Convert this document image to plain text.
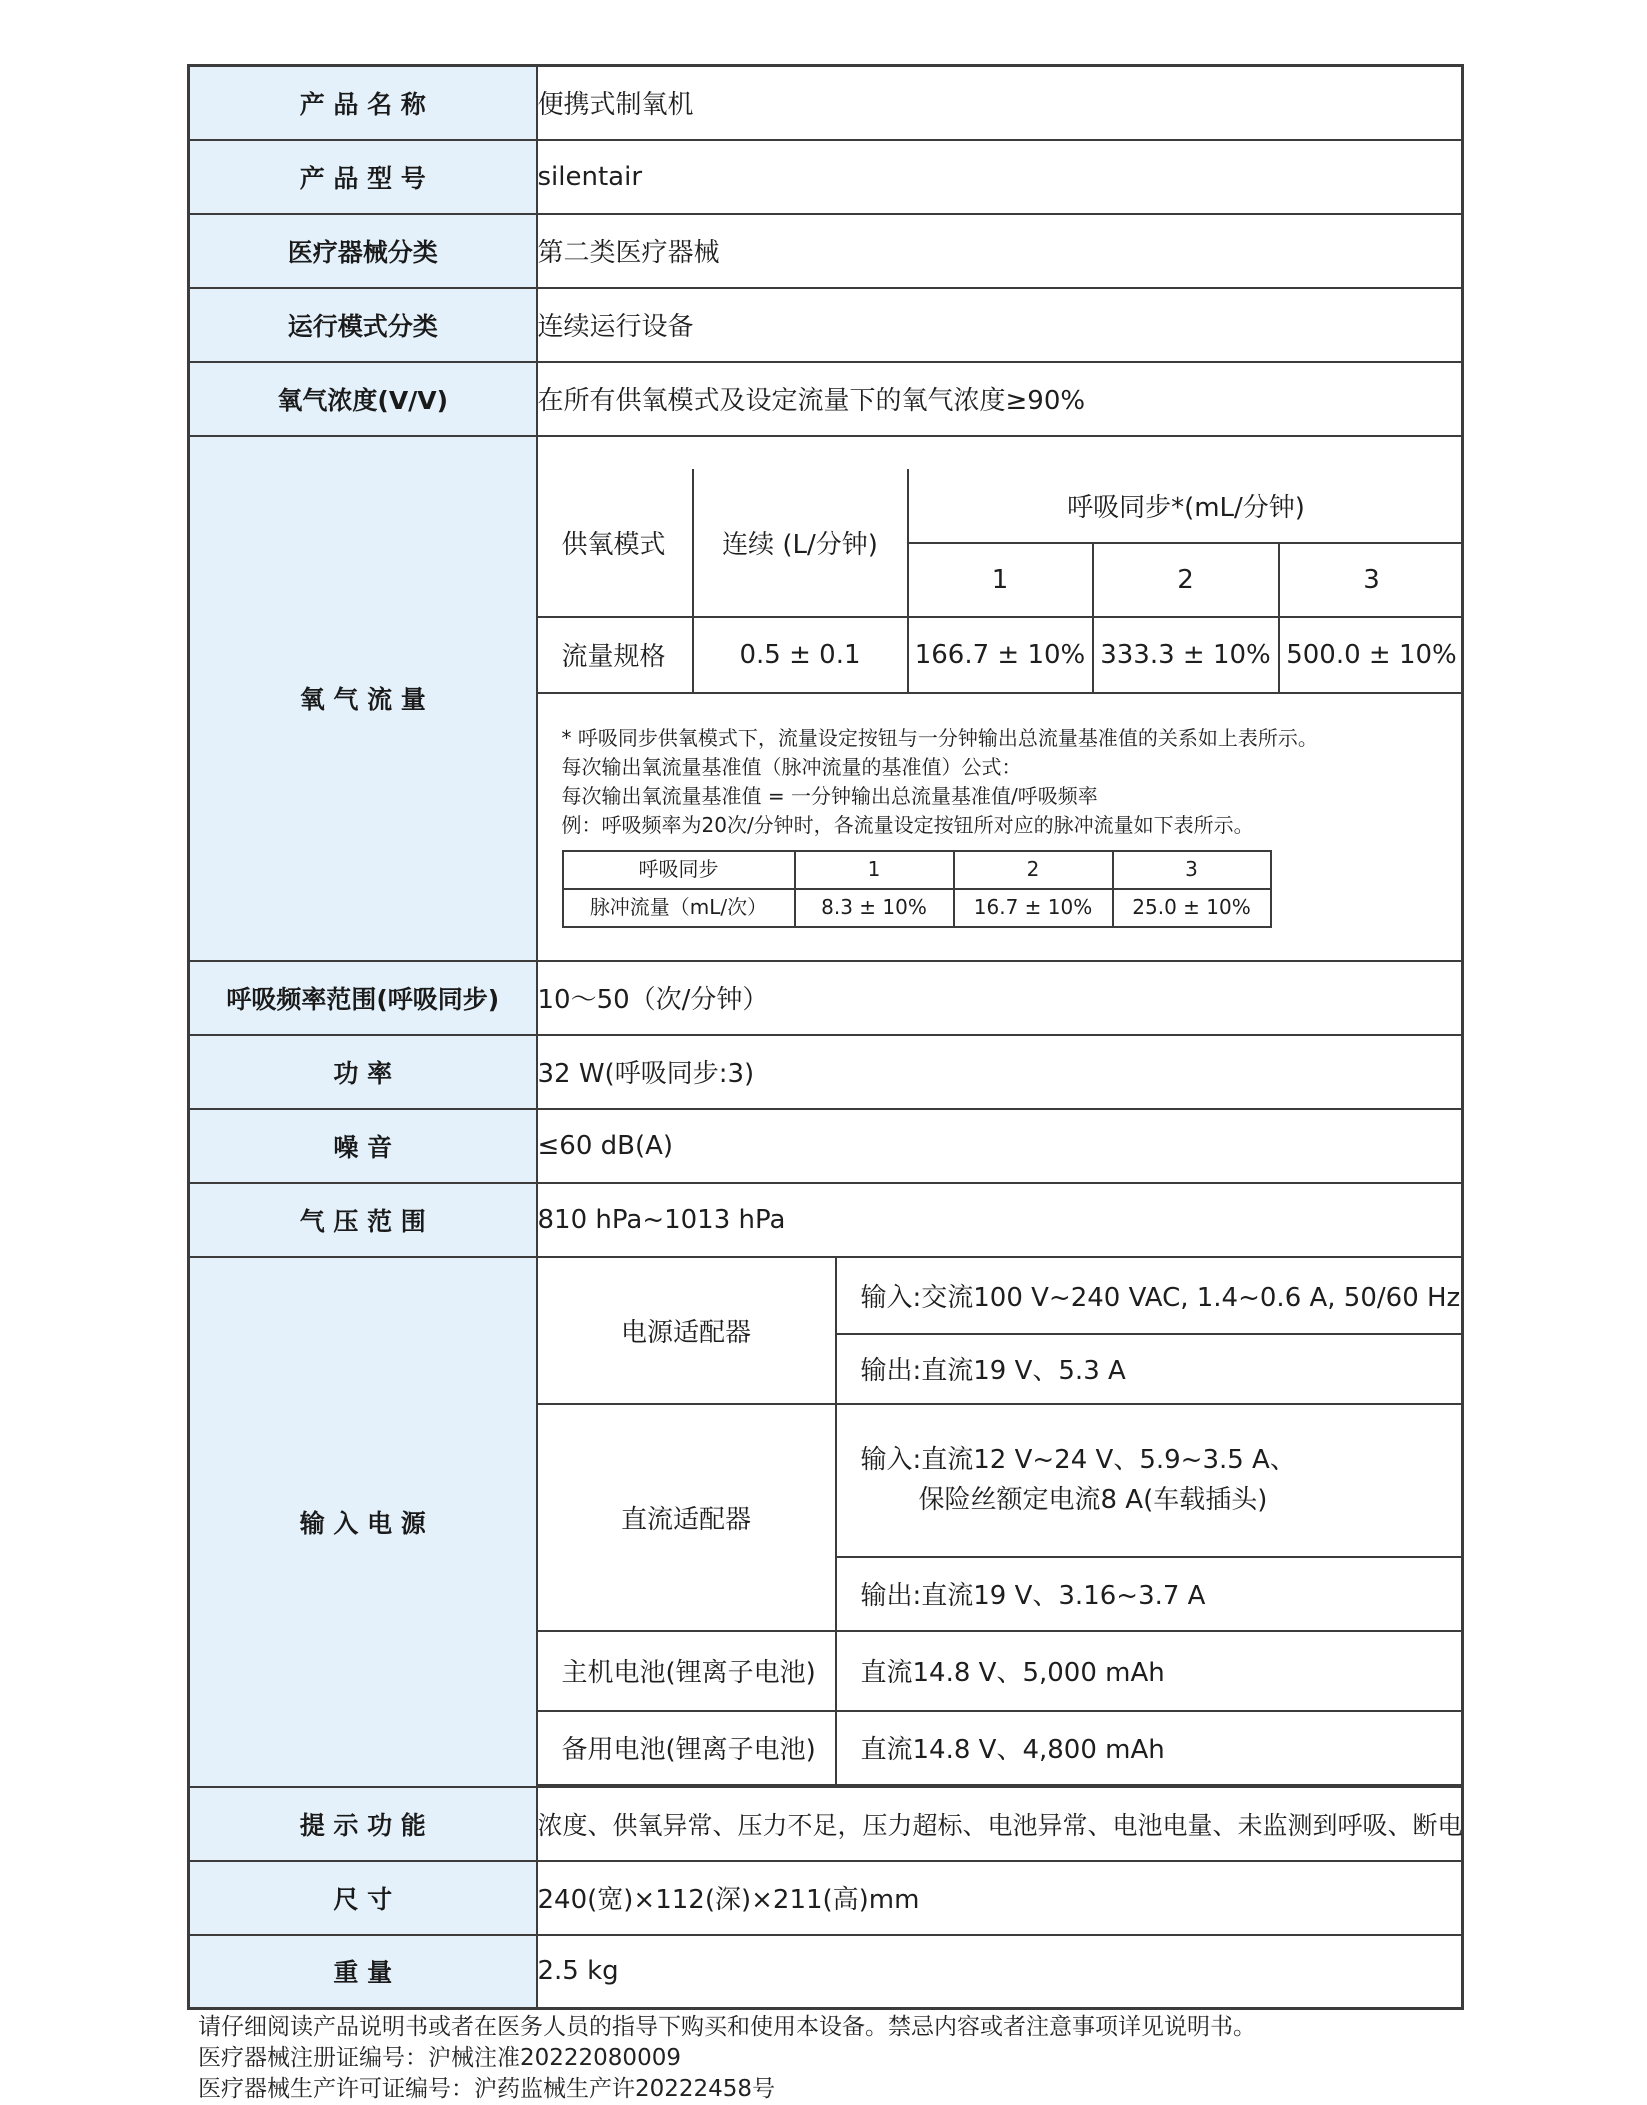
产 品 名 称	便携式制氧机
产 品 型 号	silentair
医疗器械分类	第二类医疗器械
运行模式分类	连续运行设备
氧气浓度(V/V)	在所有供氧模式及设定流量下的氧气浓度≥90%
氧 气 流 量	
供氧模式	连续 (L/分钟)	呼吸同步*(mL/分钟)
1	2	3
流量规格	0.5 ± 0.1	166.7 ± 10%	333.3 ± 10%	500.0 ± 10%

* 呼吸同步供氧模式下，流量设定按钮与一分钟输出总流量基准值的关系如上表所示。

每次输出氧流量基准值（脉冲流量的基准值）公式：

每次输出氧流量基准值 = 一分钟输出总流量基准值/呼吸频率

例：呼吸频率为20次/分钟时，各流量设定按钮所对应的脉冲流量如下表所示。

呼吸同步	1	2	3
脉冲流量（mL/次）	8.3 ± 10%	16.7 ± 10%	25.0 ± 10%

呼吸频率范围(呼吸同步)	10〜50（次/分钟）
功 率	32 W(呼吸同步:3)
噪 音	≤60 dB(A)
气 压 范 围	810 hPa~1013 hPa
输 入 电 源	
电源适配器	输入:交流100 V~240 VAC, 1.4~0.6 A, 50/60 Hz
输出:直流19 V、5.3 A
直流适配器	输入:直流12 V~24 V、5.9~3.5 A、
保险丝额定电流8 A(车载插头)

输出:直流19 V、3.16~3.7 A
主机电池(锂离子电池)	直流14.8 V、5,000 mAh
备用电池(锂离子电池)	直流14.8 V、4,800 mAh

提 示 功 能	浓度、供氧异常、压力不足，压力超标、电池异常、电池电量、未监测到呼吸、断电
尺 寸	240(宽)×112(深)×211(高)mm
重 量	2.5 kg

请仔细阅读产品说明书或者在医务人员的指导下购买和使用本设备。禁忌内容或者注意事项详见说明书。

医疗器械注册证编号：沪械注准20222080009

医疗器械生产许可证编号：沪药监械生产许20222458号
